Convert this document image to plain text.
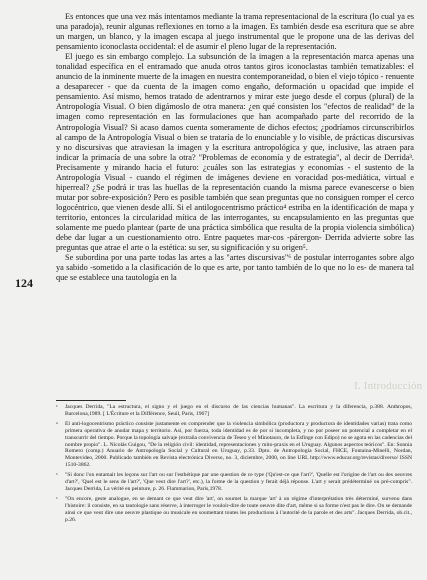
Es entonces que una vez más intentamos mediante la trama representacional de la escritura (lo cual ya es una paradoja), reunir algunas reflexiones en torno a la imagen. Es también desde esa escritura que se abre un margen, un blanco, y la imagen escapa al juego instrumental que le propone una de las derivas del pensamiento iconoclasta occidental: el de asumir el pleno lugar de la representación.

El juego es sin embargo complejo. La subsunción de la imagen a la representación marca apenas una tonalidad específica en el entramado que anuda otros tantos giros iconoclastas también tematizables: el anuncio de la inminente muerte de la imagen en nuestra contemporaneidad, o bien el viejo tópico - renuente a desaparecer - que da cuenta de la imagen como engaño, deformación u opacidad que impide el pensamiento. Así mismo, hemos tratado de adentrarnos y mirar este juego desde el corpus (plural) de la Antropología Visual. O bien digámoslo de otra manera: ¿en qué consisten los "efectos de realidad" de la imagen como representación en las formulaciones que han acompañado parte del recorrido de la Antropología Visual? Si acaso damos cuenta someramente de dichos efectos; ¿podríamos circunscribirlos al campo de la Antropología Visual o bien se trataría de lo enunciable y lo visible, de prácticas discursivas y no discursivas que atraviesan la imagen y la escritura antropológica y que, inclusive, las atraen para indicar la primacía de una sobre la otra? "Problemas de economía y de estrategia", al decir de Derrida³. Precisamente y mirando hacia el futuro: ¿cuáles son las estrategias y economías - el sustento de la Antropología Visual - cuando el régimen de imágenes deviene en voracidad pos-mediática, virtual e hiperreal? ¿Se podrá ir tras las huellas de la representación cuando la misma parece evanescerse o bien mutar por sobre-exposición? Pero es posible también que sean preguntas que no consiguen romper el cerco logocéntrico, que vienen desde allí. Si el antilogocentrismo práctico⁴ estriba en la identificación de mapa y territorio, entonces la circularidad mítica de las interrogantes, su encapsulamiento en las preguntas que solamente me puedo plantear (parte de una práctica simbólica que resulta de la propia violencia simbólica) debe dar lugar a un cuestionamiento otro. Entre paquetes mar-cos -párergon- Derrida advierte sobre las preguntas que atrae el arte o la estética: su ser, su significación y su origen⁵.

Se subordina por una parte todas las artes a las "artes discursivas"⁶ de postular interrogantes sobre algo ya sabido -sometido a la clasificación de lo que es arte, por tanto también de lo que no lo es- de manera tal que se establece una tautología en la

124
I. Introducción
³	Jacques Derrida, "La estructura, el signo y el juego en el discurso de las ciencias humanas". La escritura y la diferencia, p.388. Anthropos, Barcelona,1989. [ L'Écriture et la Différence, Seuil, Paris, 1967]
⁴	El anti-logocentrismo práctico consiste justamente en comprender que la violencia simbólica (productora y productora de identidades varias) trata como primera operativa de anudar mapa y territorio. Así, por fuerza, toda identidad es de por sí incompleta, y no por poseer un potencial a completar en el transcurrir del tiempo. Porque la topología salvaje (extraña convivencia de Teseo y el Minotauro, de la Esfinge con Edipo) no se agota en las cadencias del nombre propio". L. Nicolás Guigou, "De la religión civil: identidad, representaciones y mito-praxis en el Uruguay. Algunos aspectos teóricos". En: Sonnia Romero (comp.) Anuario de Antropología Social y Cultural en Uruguay, p.33. Dpto. de Antropología Social, FHCE, Fontaina-Minelli, Nordan, Montevideo, 2000. Publicado también en Revista electrónica Diverso, no. 3, diciembre, 2000, on line URL http://www.educar.org/revistas/diverso/ ISSN 1510-3862.
⁵	"Si donc l'on entamait les leçons sur l'art ou sur l'esthétique par une question de ce type ('Qu'est-ce que l'art?', 'Quelle est l'origine de l'art ou des oeuvres d'art?', 'Quel est le sens de l'art?', 'Que veut dire l'art?', etc.), la forme de la question y ferait déjà réponse. L'art y serait prédéterminé ou pré-compris". Jacques Derrida, La vérité en peinture, p. 26. Flammarion, Paris,1978.
⁶	"On encore, geste analogue, en se demant ce que veut dire 'art', on soumet la marque 'art' à un régime d'interprétation très déterminé, survenu dans l'histoire: il consiste, en sa tautologie sans réserve, à interroger le vouloir-dire de toute oeuvre dite d'art, même si sa forme n'est pas le dire. On se demande ainsi ce que veut dire une oeuvre plastique ou musicale en soumettant toutes les productions à l'autorité de la parole et des arts". Jacques Derrida, ob.cit., p.26.
